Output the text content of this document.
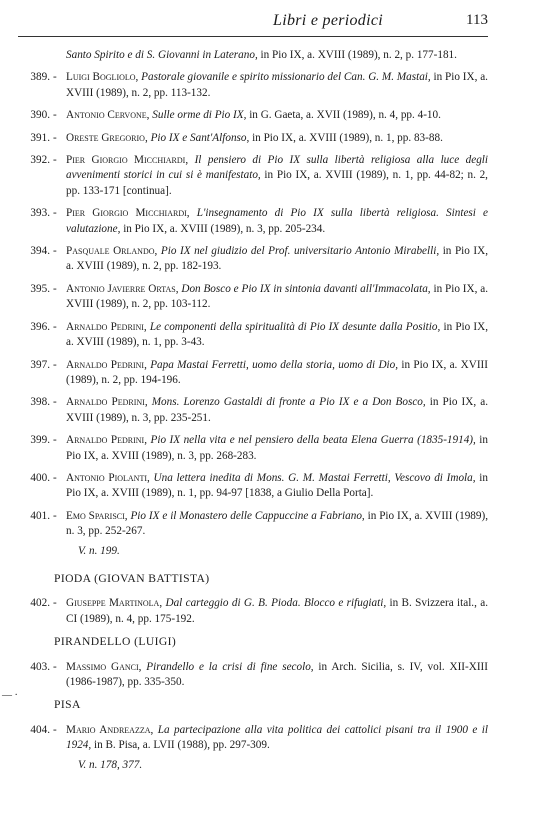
Libri e periodici	113
Santo Spirito e di S. Giovanni in Laterano, in Pio IX, a. XVIII (1989), n. 2, p. 177-181.
389. - Luigi Bogliolo, Pastorale giovanile e spirito missionario del Can. G. M. Mastai, in Pio IX, a. XVIII (1989), n. 2, pp. 113-132.
390. - Antonio Cervone, Sulle orme di Pio IX, in G. Gaeta, a. XVII (1989), n. 4, pp. 4-10.
391. - Oreste Gregorio, Pio IX e Sant'Alfonso, in Pio IX, a. XVIII (1989), n. 1, pp. 83-88.
392. - Pier Giorgio Micchiardi, Il pensiero di Pio IX sulla libertà religiosa alla luce degli avvenimenti storici in cui si è manifestato, in Pio IX, a. XVIII (1989), n. 1, pp. 44-82; n. 2, pp. 133-171 [continua].
393. - Pier Giorgio Micchiardi, L'insegnamento di Pio IX sulla libertà religiosa. Sintesi e valutazione, in Pio IX, a. XVIII (1989), n. 3, pp. 205-234.
394. - Pasquale Orlando, Pio IX nel giudizio del Prof. universitario Antonio Mirabelli, in Pio IX, a. XVIII (1989), n. 2, pp. 182-193.
395. - Antonio Javierre Ortas, Don Bosco e Pio IX in sintonia davanti all'Immacolata, in Pio IX, a. XVIII (1989), n. 2, pp. 103-112.
396. - Arnaldo Pedrini, Le componenti della spiritualità di Pio IX desunte dalla Positio, in Pio IX, a. XVIII (1989), n. 1, pp. 3-43.
397. - Arnaldo Pedrini, Papa Mastai Ferretti, uomo della storia, uomo di Dio, in Pio IX, a. XVIII (1989), n. 2, pp. 194-196.
398. - Arnaldo Pedrini, Mons. Lorenzo Gastaldi di fronte a Pio IX e a Don Bosco, in Pio IX, a. XVIII (1989), n. 3, pp. 235-251.
399. - Arnaldo Pedrini, Pio IX nella vita e nel pensiero della beata Elena Guerra (1835-1914), in Pio IX, a. XVIII (1989), n. 3, pp. 268-283.
400. - Antonio Piolanti, Una lettera inedita di Mons. G. M. Mastai Ferretti, Vescovo di Imola, in Pio IX, a. XVIII (1989), n. 1, pp. 94-97 [1838, a Giulio Della Porta].
401. - Emo Sparisci, Pio IX e il Monastero delle Cappuccine a Fabriano, in Pio IX, a. XVIII (1989), n. 3, pp. 252-267.
V. n. 199.
PIODA (GIOVAN BATTISTA)
402. - Giuseppe Martinola, Dal carteggio di G. B. Pioda. Blocco e rifugiati, in B. Svizzera ital., a. CI (1989), n. 4, pp. 175-192.
PIRANDELLO (LUIGI)
403. - Massimo Ganci, Pirandello e la crisi di fine secolo, in Arch. Sicilia, s. IV, vol. XII-XIII (1986-1987), pp. 335-350.
PISA
404. - Mario Andreazza, La partecipazione alla vita politica dei cattolici pisani tra il 1900 e il 1924, in B. Pisa, a. LVII (1988), pp. 297-309.
V. n. 178, 377.
— ·
